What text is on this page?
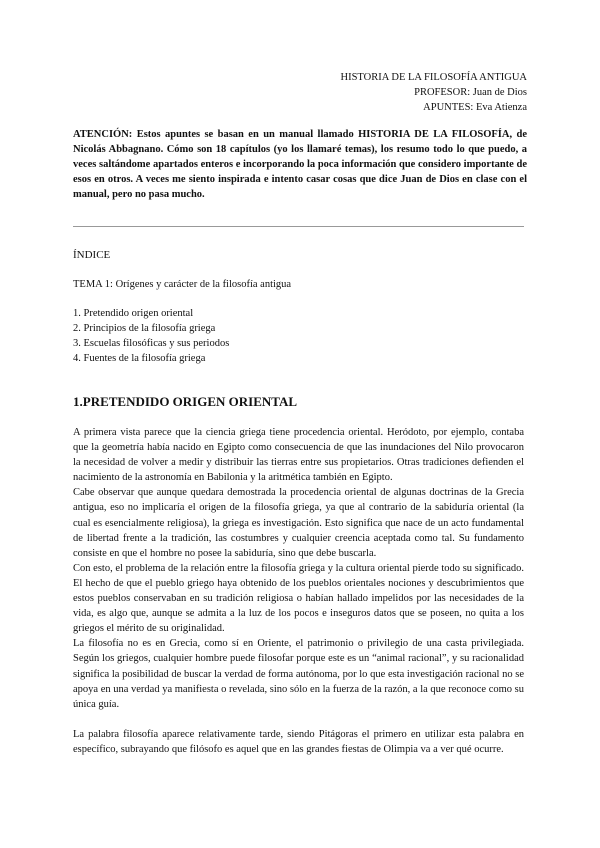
HISTORIA DE LA FILOSOFÍA ANTIGUA
PROFESOR: Juan de Dios
APUNTES: Eva Atienza
ATENCIÓN: Estos apuntes se basan en un manual llamado HISTORIA DE LA FILOSOFÍA, de Nicolás Abbagnano. Cómo son 18 capítulos (yo los llamaré temas), los resumo todo lo que puedo, a veces saltándome apartados enteros e incorporando la poca información que considero importante de esos en otros. A veces me siento inspirada e intento casar cosas que dice Juan de Dios en clase con el manual, pero no pasa mucho.
ÍNDICE
TEMA 1: Orígenes y carácter de la filosofía antigua
1. Pretendido origen oriental
2. Principios de la filosofía griega
3. Escuelas filosóficas y sus periodos
4. Fuentes de la filosofía griega
1.PRETENDIDO ORIGEN ORIENTAL

A primera vista parece que la ciencia griega tiene procedencia oriental. Heródoto, por ejemplo, contaba que la geometría había nacido en Egipto como consecuencia de que las inundaciones del Nilo provocaron la necesidad de volver a medir y distribuir las tierras entre sus propietarios. Otras tradiciones defienden el nacimiento de la astronomía en Babilonia y la aritmética también en Egipto.

Cabe observar que aunque quedara demostrada la procedencia oriental de algunas doctrinas de la Grecia antigua, eso no implicaría el origen de la filosofía griega, ya que al contrario de la sabiduría oriental (la cual es esencialmente religiosa), la griega es investigación. Esto significa que nace de un acto fundamental de libertad frente a la tradición, las costumbres y cualquier creencia aceptada como tal. Su fundamento consiste en que el hombre no posee la sabiduría, sino que debe buscarla.

Con esto, el problema de la relación entre la filosofía griega y la cultura oriental pierde todo su significado. El hecho de que el pueblo griego haya obtenido de los pueblos orientales nociones y descubrimientos que estos pueblos conservaban en su tradición religiosa o habían hallado impelidos por las necesidades de la vida, es algo que, aunque se admita a la luz de los pocos e inseguros datos que se poseen, no quita a los griegos el mérito de su originalidad.

La filosofía no es en Grecia, como sí en Oriente, el patrimonio o privilegio de una casta privilegiada. Según los griegos, cualquier hombre puede filosofar porque este es un “animal racional”, y su racionalidad significa la posibilidad de buscar la verdad de forma autónoma, por lo que esta investigación racional no se apoya en una verdad ya manifiesta o revelada, sino sólo en la fuerza de la razón, a la que reconoce como su única guía.

La palabra filosofía aparece relativamente tarde, siendo Pitágoras el primero en utilizar esta palabra en específico, subrayando que filósofo es aquel que en las grandes fiestas de Olimpia va a ver qué ocurre.
